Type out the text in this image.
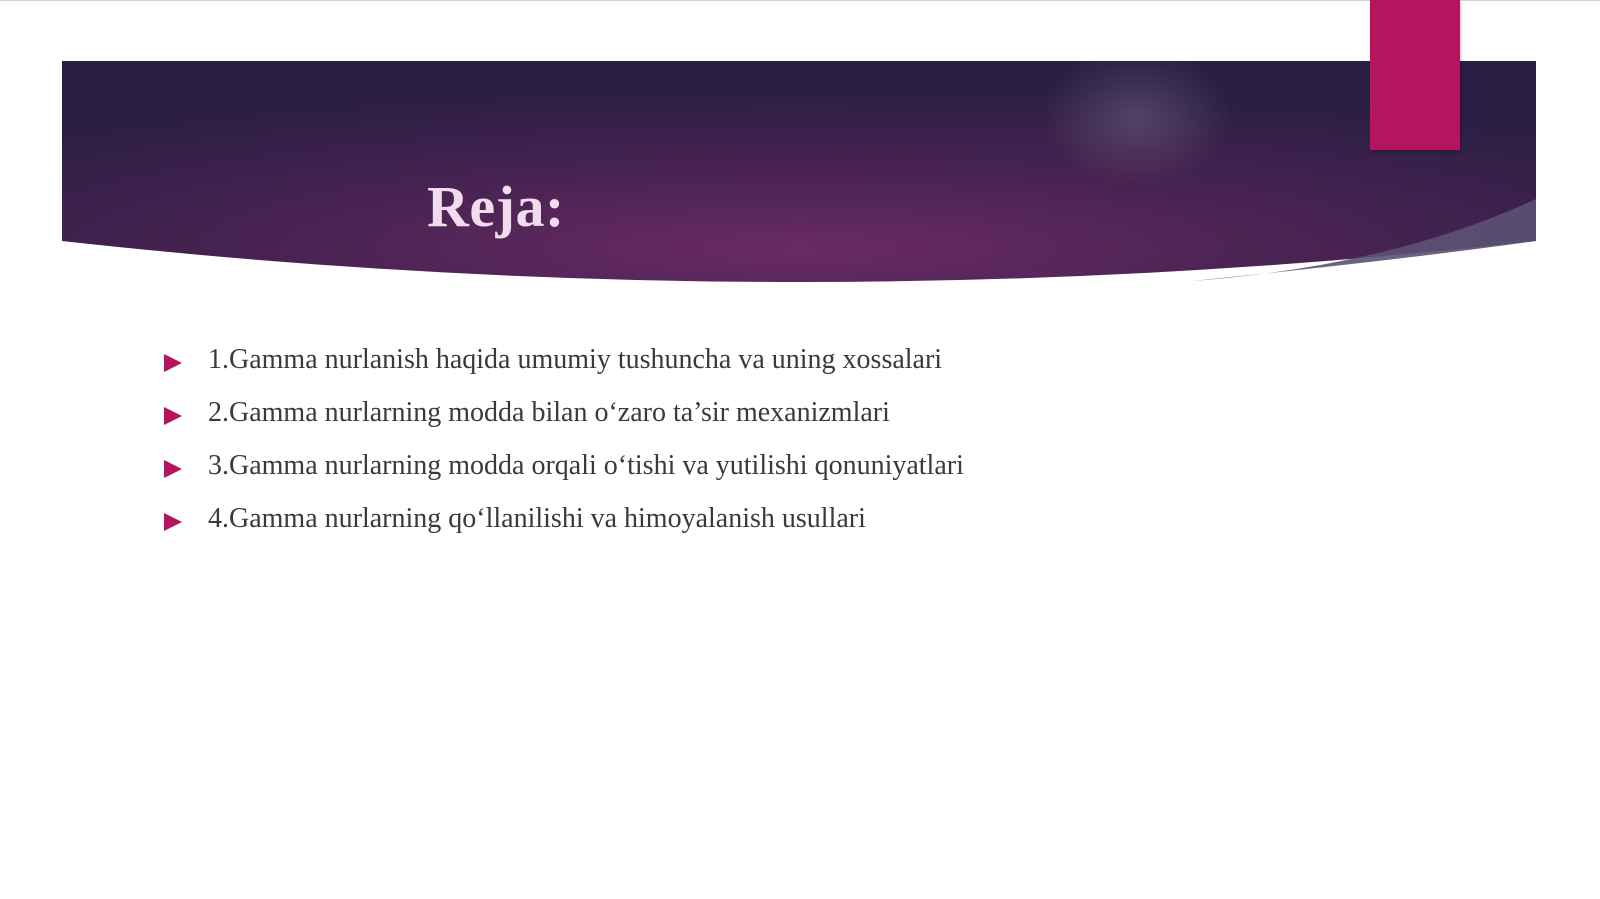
Reja:
1.Gamma nurlanish haqida umumiy tushuncha va uning xossalari
2.Gamma nurlarning modda bilan o‘zaro ta’sir mexanizmlari
3.Gamma nurlarning modda orqali o‘tishi va yutilishi qonuniyatlari
4.Gamma nurlarning qo‘llanilishi va himoyalanish usullari
